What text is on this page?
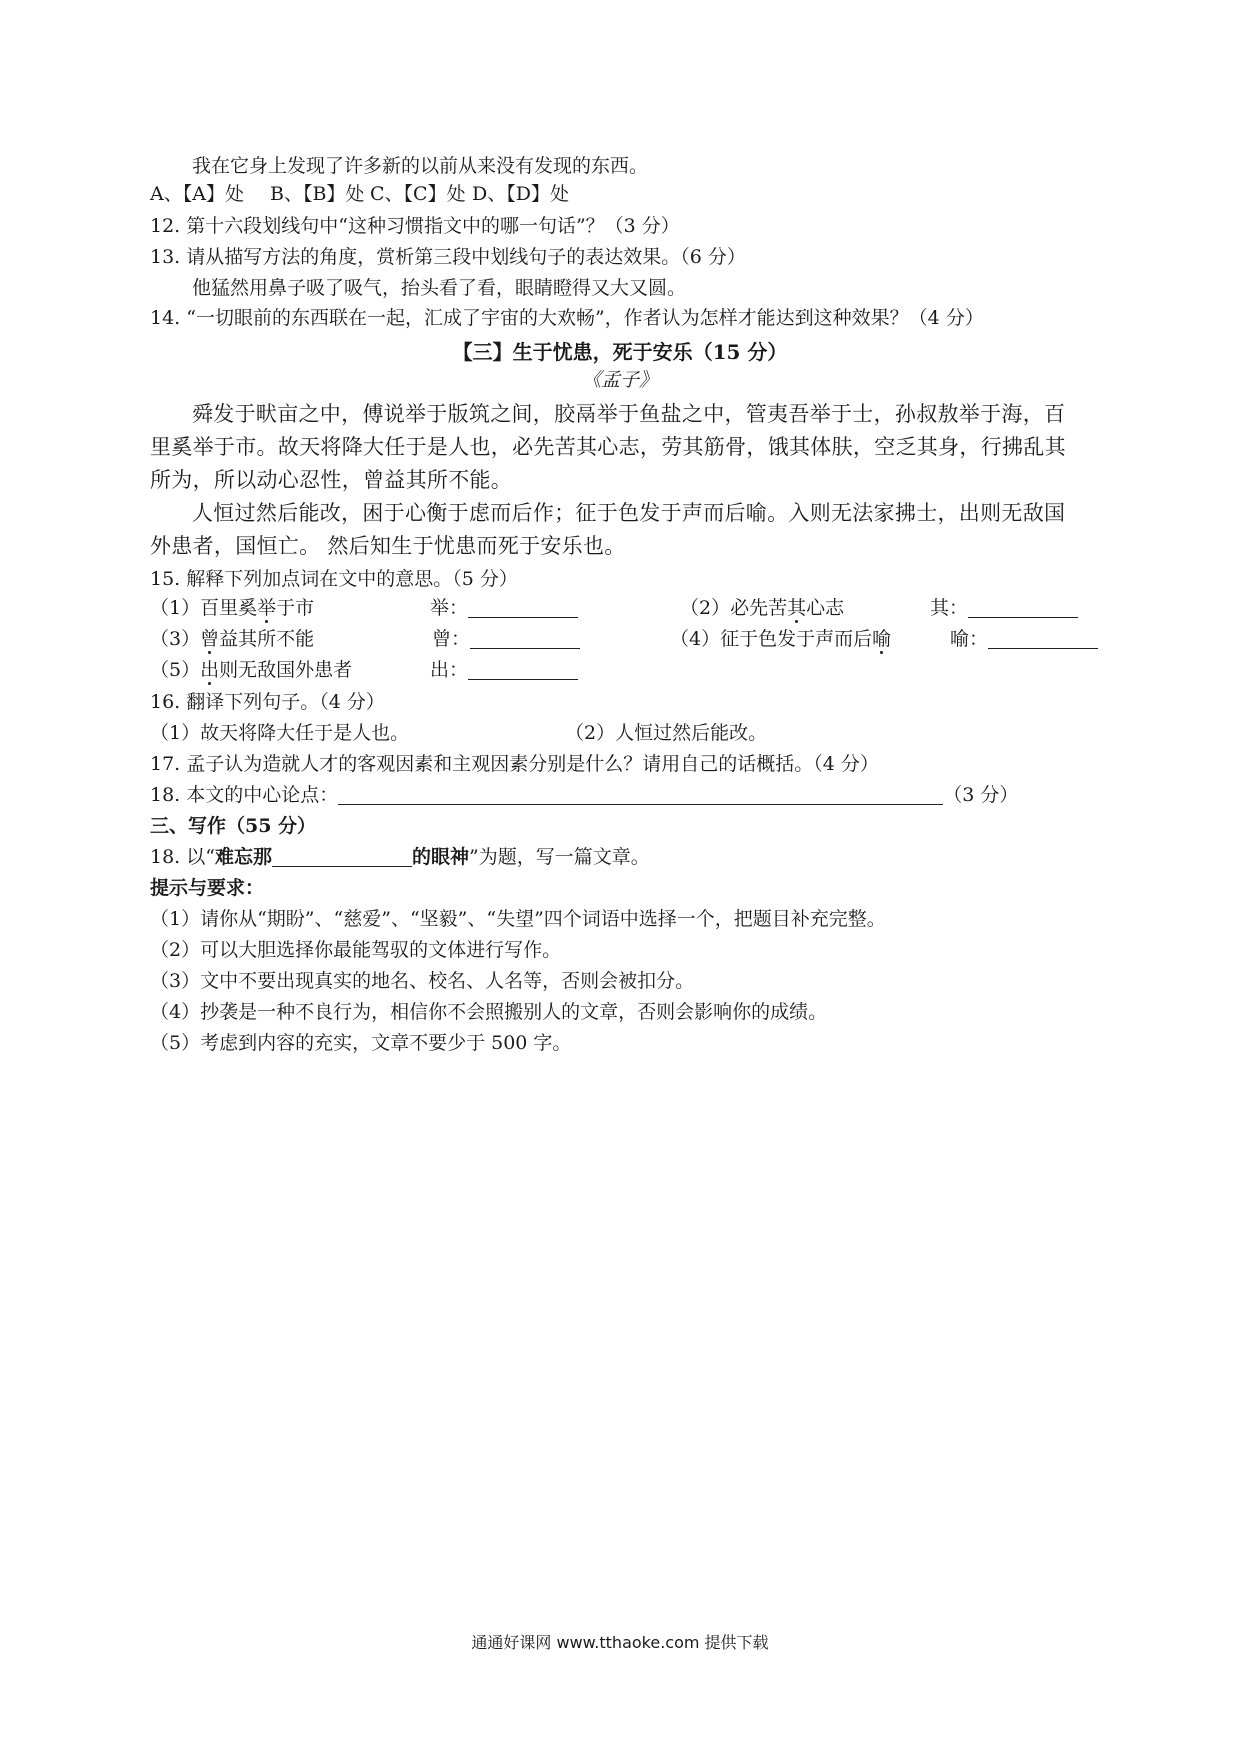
我在它身上发现了许多新的以前从来没有发现的东西。
A、【A】处 B、【B】处 C、【C】处 D、【D】处
12. 第十六段划线句中“这种习惯指文中的哪一句话”？（3 分）
13. 请从描写方法的角度，赏析第三段中划线句子的表达效果。（6 分）
他猛然用鼻子吸了吸气，抬头看了看，眼睛瞪得又大又圆。
14. “一切眼前的东西联在一起，汇成了宇宙的大欢畅”，作者认为怎样才能达到这种效果？（4 分）
【三】生于忧患，死于安乐（15 分）
《孟子》
舜发于畎亩之中，傅说举于版筑之间，胶鬲举于鱼盐之中，管夷吾举于士，孙叔敖举于海，百
里奚举于市。故天将降大任于是人也，必先苦其心志，劳其筋骨，饿其体肤，空乏其身，行拂乱其
所为，所以动心忍性，曾益其所不能。
人恒过然后能改，困于心衡于虑而后作；征于色发于声而后喻。入则无法家拂士，出则无敌国
外患者，国恒亡。 然后知生于忧患而死于安乐也。
15. 解释下列加点词在文中的意思。（5 分）
（1）百里奚举于市	举：	（2）必先苦其心志	其：
（3）曾益其所不能	曾：	（4）征于色发于声而后喻	喻：
（5）出则无敌国外患者	出：
16. 翻译下列句子。（4 分）
（1）故天将降大任于是人也。	（2）人恒过然后能改。
17. 孟子认为造就人才的客观因素和主观因素分别是什么？请用自己的话概括。（4 分）
18. 本文的中心论点：	（3 分）
三、写作（55 分）
18. 以“难忘那	的眼神”为题，写一篇文章。
提示与要求：
（1）请你从“期盼”、“慈爱”、“坚毅”、“失望”四个词语中选择一个，把题目补充完整。
（2）可以大胆选择你最能驾驭的文体进行写作。
（3）文中不要出现真实的地名、校名、人名等，否则会被扣分。
（4）抄袭是一种不良行为，相信你不会照搬别人的文章，否则会影响你的成绩。
（5）考虑到内容的充实，文章不要少于 500 字。
通通好课网 www.tthaoke.com 提供下载
